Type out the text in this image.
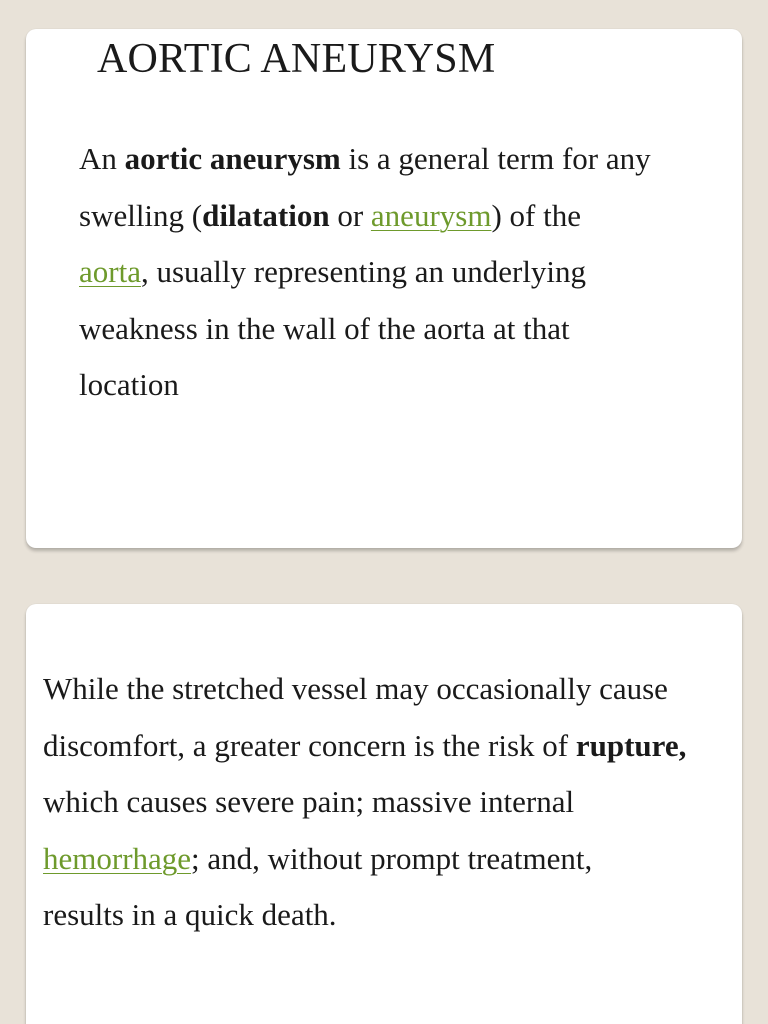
AORTIC ANEURYSM

An aortic aneurysm is a general term for any
swelling (dilatation or aneurysm) of the
aorta, usually representing an underlying
weakness in the wall of the aorta at that
location

While the stretched vessel may occasionally cause
discomfort, a greater concern is the risk of rupture,
which causes severe pain; massive internal
hemorrhage; and, without prompt treatment,
results in a quick death.
